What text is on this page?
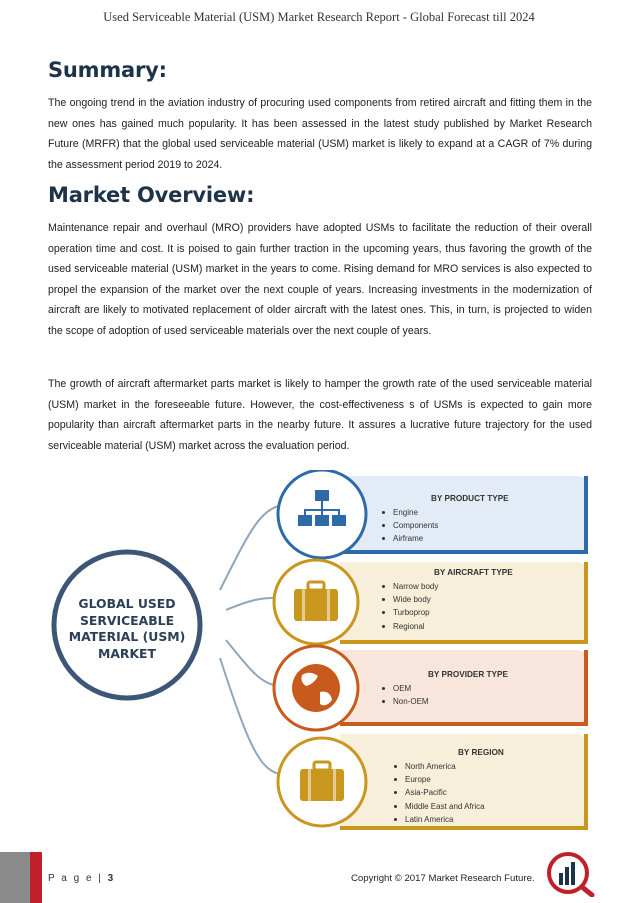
Used Serviceable Material (USM) Market Research Report - Global Forecast till 2024
Summary:

The ongoing trend in the aviation industry of procuring used components from retired aircraft and fitting them in the new ones has gained much popularity. It has been assessed in the latest study published by Market Research Future (MRFR) that the global used serviceable material (USM) market is likely to expand at a CAGR of 7% during the assessment period 2019 to 2024.

Market Overview:

Maintenance repair and overhaul (MRO) providers have adopted USMs to facilitate the reduction of their overall operation time and cost. It is poised to gain further traction in the upcoming years, thus favoring the growth of the used serviceable material (USM) market in the years to come. Rising demand for MRO services is also expected to propel the expansion of the market over the next couple of years. Increasing investments in the modernization of aircraft are likely to motivated replacement of older aircraft with the latest ones. This, in turn, is projected to widen the scope of adoption of used serviceable materials over the next couple of years.

The growth of aircraft aftermarket parts market is likely to hamper the growth rate of the used serviceable material (USM) market in the foreseeable future. However, the cost-effectiveness s of USMs is expected to gain more popularity than aircraft aftermarket parts in the nearby future. It assures a lucrative future trajectory for the used serviceable material (USM) market across the evaluation period.

GLOBAL USED
SERVICEABLE
MATERIAL (USM)
MARKET
BY PRODUCT TYPE
Engine
Components
Airframe
BY AIRCRAFT TYPE
Narrow body
Wide body
Turboprop
Regional
BY PROVIDER TYPE
OEM
Non-OEM
BY REGION
North America
Europe
Asia-Pacific
Middle East and Africa
Latin America
P a g e | 3	Copyright © 2017 Market Research Future.
